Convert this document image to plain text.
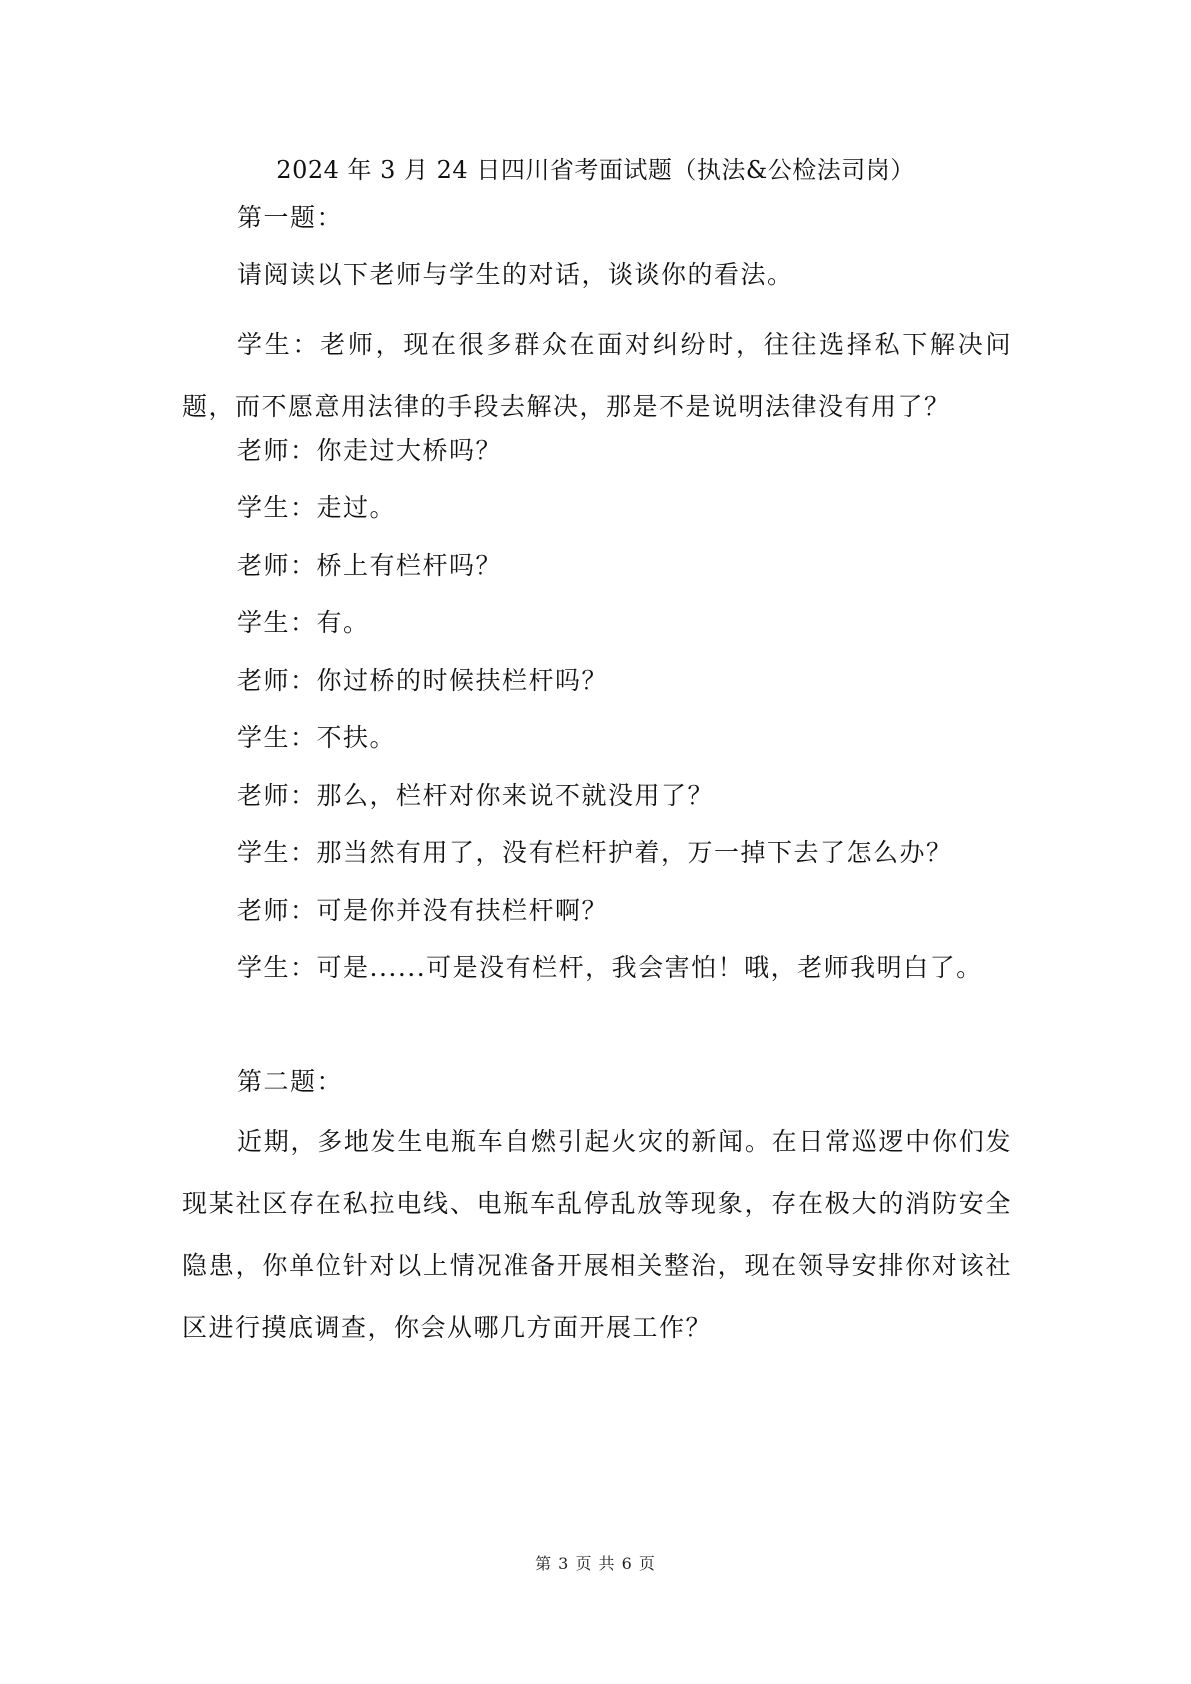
2024 年 3 月 24 日四川省考面试题（执法&公检法司岗）
第一题：
请阅读以下老师与学生的对话，谈谈你的看法。
学生：老师，现在很多群众在面对纠纷时，往往选择私下解决问题，而不愿意用法律的手段去解决，那是不是说明法律没有用了？
老师：你走过大桥吗？
学生：走过。
老师：桥上有栏杆吗？
学生：有。
老师：你过桥的时候扶栏杆吗？
学生：不扶。
老师：那么，栏杆对你来说不就没用了？
学生：那当然有用了，没有栏杆护着，万一掉下去了怎么办？
老师：可是你并没有扶栏杆啊？
学生：可是......可是没有栏杆，我会害怕！哦，老师我明白了。
第二题：
近期，多地发生电瓶车自燃引起火灾的新闻。在日常巡逻中你们发现某社区存在私拉电线、电瓶车乱停乱放等现象，存在极大的消防安全隐患，你单位针对以上情况准备开展相关整治，现在领导安排你对该社区进行摸底调查，你会从哪几方面开展工作？
第 3 页 共 6 页
